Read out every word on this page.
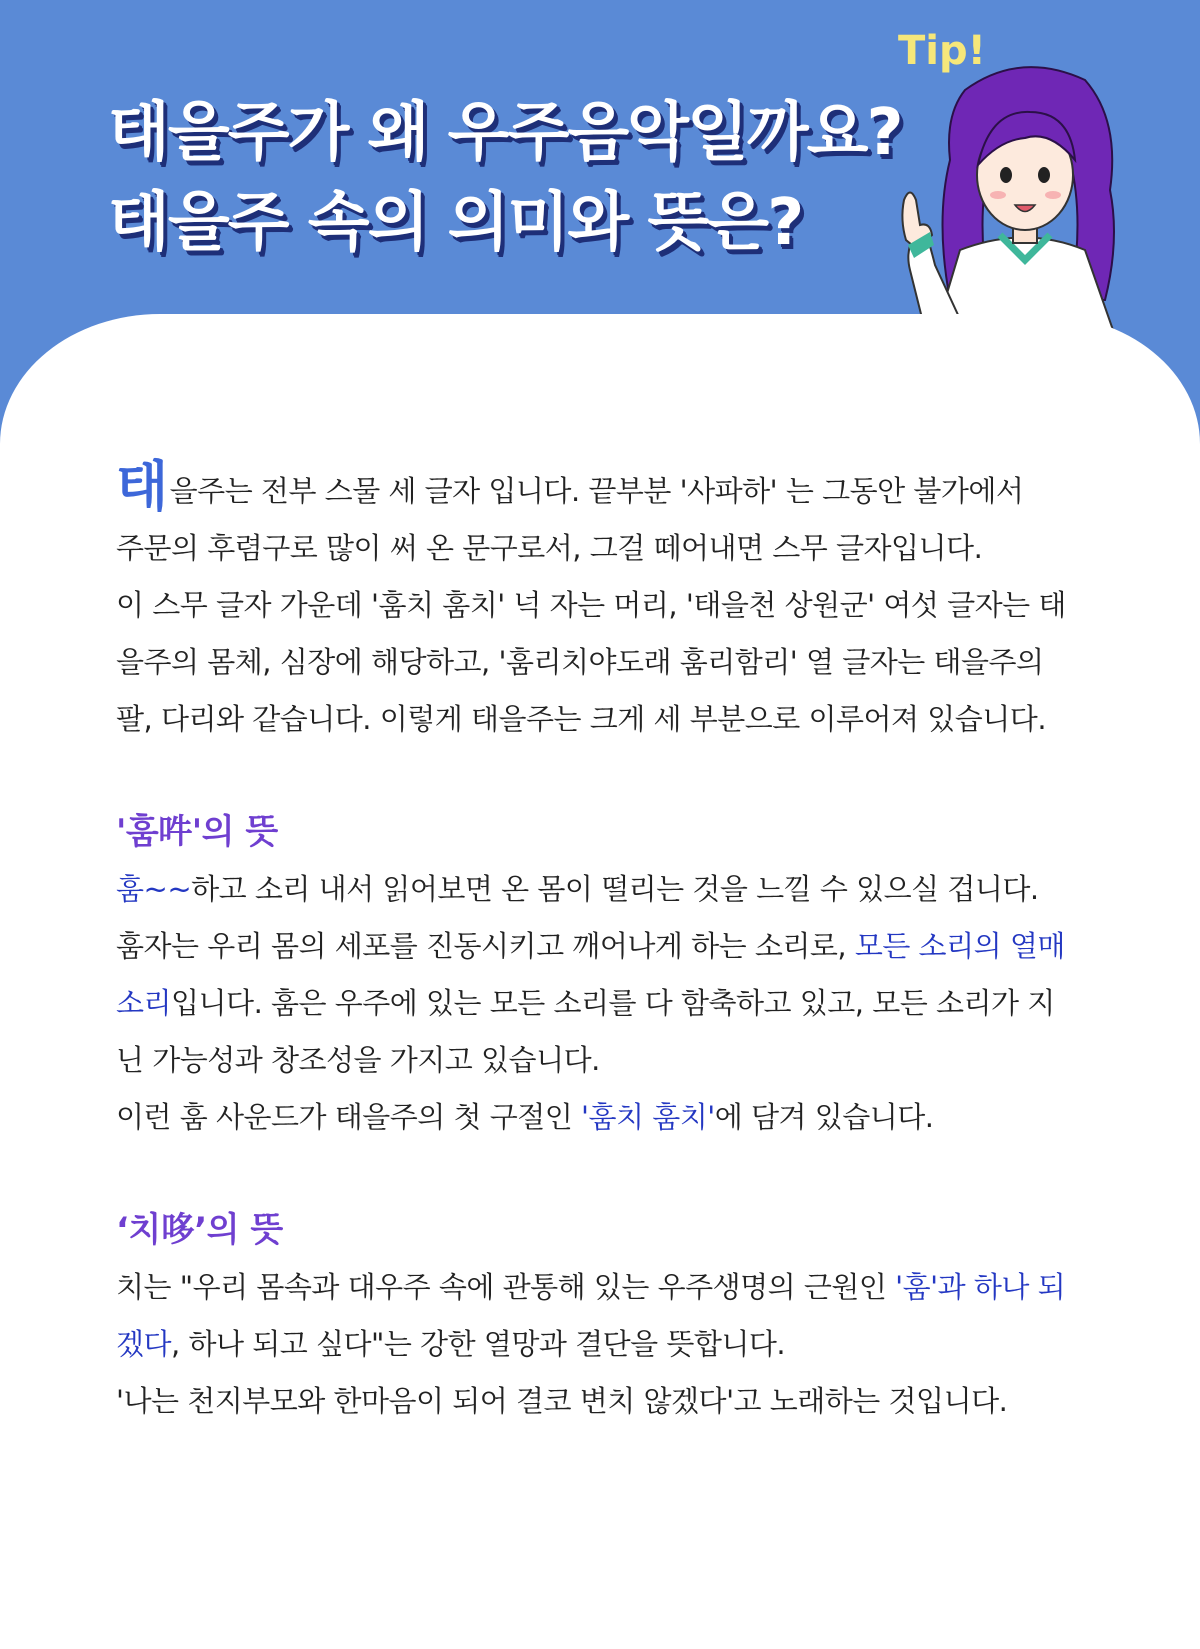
태을주가 왜 우주음악일까요?
태을주 속의 의미와 뜻은?
Tip!

태을주는 전부 스물 세 글자 입니다. 끝부분 '사파하' 는 그동안 불가에서

주문의 후렴구로 많이 써 온 문구로서, 그걸 떼어내면 스무 글자입니다.

이 스무 글자 가운데 '훔치 훔치' 넉 자는 머리, '태을천 상원군' 여섯 글자는 태

을주의 몸체, 심장에 해당하고, '훔리치야도래 훔리함리' 열 글자는 태을주의

팔, 다리와 같습니다. 이렇게 태을주는 크게 세 부분으로 이루어져 있습니다.

'훔吽'의 뜻

훔~~하고 소리 내서 읽어보면 온 몸이 떨리는 것을 느낄 수 있으실 겁니다.

훔자는 우리 몸의 세포를 진동시키고 깨어나게 하는 소리로, 모든 소리의 열매

소리입니다. 훔은 우주에 있는 모든 소리를 다 함축하고 있고, 모든 소리가 지

닌 가능성과 창조성을 가지고 있습니다.

이런 훔 사운드가 태을주의 첫 구절인 '훔치 훔치'에 담겨 있습니다.

‘치哆’의 뜻

치는 "우리 몸속과 대우주 속에 관통해 있는 우주생명의 근원인 '훔'과 하나 되

겠다, 하나 되고 싶다"는 강한 열망과 결단을 뜻합니다.

'나는 천지부모와 한마음이 되어 결코 변치 않겠다'고 노래하는 것입니다.
